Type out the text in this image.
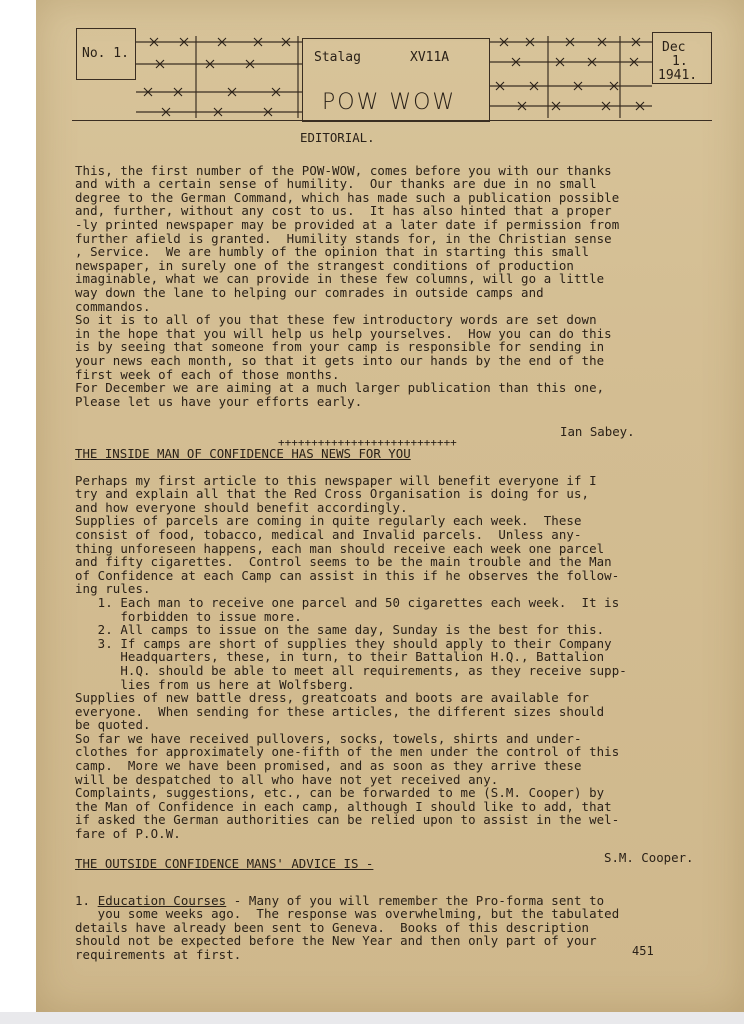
No. 1.	Stalag	XV11A
POW WOW
Dec
1.
1941.
EDITORIAL.

This, the first number of the POW-WOW, comes before you with our thanks
and with a certain sense of humility.  Our thanks are due in no small
degree to the German Command, which has made such a publication possible
and, further, without any cost to us.  It has also hinted that a proper
-ly printed newspaper may be provided at a later date if permission from
further afield is granted.  Humility stands for, in the Christian sense
, Service.  We are humbly of the opinion that in starting this small
newspaper, in surely one of the strangest conditions of production
imaginable, what we can provide in these few columns, will go a little
way down the lane to helping our comrades in outside camps and
commandos.
So it is to all of you that these few introductory words are set down
in the hope that you will help us help yourselves.  How you can do this
is by seeing that someone from your camp is responsible for sending in
your news each month, so that it gets into our hands by the end of the
first week of each of those months.
For December we are aiming at a much larger publication than this one,
Please let us have your efforts early.

Ian Sabey.
+++++++++++++++++++++++++++
THE INSIDE MAN OF CONFIDENCE HAS NEWS FOR YOU

Perhaps my first article to this newspaper will benefit everyone if I
try and explain all that the Red Cross Organisation is doing for us,
and how everyone should benefit accordingly.
Supplies of parcels are coming in quite regularly each week.  These
consist of food, tobacco, medical and Invalid parcels.  Unless any-
thing unforeseen happens, each man should receive each week one parcel
and fifty cigarettes.  Control seems to be the main trouble and the Man
of Confidence at each Camp can assist in this if he observes the follow-
ing rules.
1. Each man to receive one parcel and 50 cigarettes each week.  It is
forbidden to issue more.
2. All camps to issue on the same day, Sunday is the best for this.
3. If camps are short of supplies they should apply to their Company
Headquarters, these, in turn, to their Battalion H.Q., Battalion
H.Q. should be able to meet all requirements, as they receive supp-
lies from us here at Wolfsberg.
Supplies of new battle dress, greatcoats and boots are available for
everyone.  When sending for these articles, the different sizes should
be quoted.
So far we have received pullovers, socks, towels, shirts and under-
clothes for approximately one-fifth of the men under the control of this
camp.  More we have been promised, and as soon as they arrive these
will be despatched to all who have not yet received any.
Complaints, suggestions, etc., can be forwarded to me (S.M. Cooper) by
the Man of Confidence in each camp, although I should like to add, that
if asked the German authorities can be relied upon to assist in the wel-
fare of P.O.W.

S.M. Cooper.
THE OUTSIDE CONFIDENCE MANS' ADVICE IS -

1. Education Courses - Many of you will remember the Pro-forma sent to
you some weeks ago.  The response was overwhelming, but the tabulated
details have already been sent to Geneva.  Books of this description
should not be expected before the New Year and then only part of your
requirements at first.	451
